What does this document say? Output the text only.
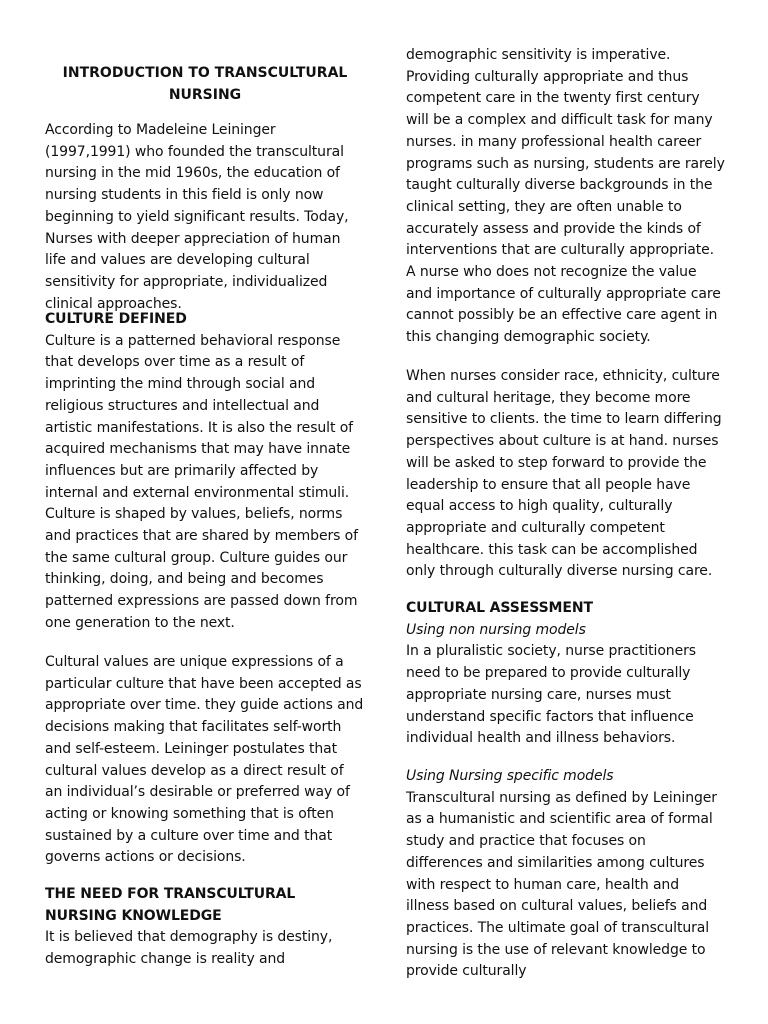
INTRODUCTION TO TRANSCULTURAL NURSING

According to Madeleine Leininger (1997,1991) who founded the transcultural nursing in the mid 1960s, the education of nursing students in this field is only now beginning to yield significant results. Today, Nurses with deeper appreciation of human life and values are developing cultural sensitivity for appropriate, individualized clinical approaches.

CULTURE DEFINED
Culture is a patterned behavioral response that develops over time as a result of imprinting the mind through social and religious structures and intellectual and artistic manifestations. It is also the result of acquired mechanisms that may have innate influences but are primarily affected by internal and external environmental stimuli. Culture is shaped by values, beliefs, norms and practices that are shared by members of the same cultural group. Culture guides our thinking, doing, and being and becomes patterned expressions are passed down from one generation to the next.

Cultural values are unique expressions of a particular culture that have been accepted as appropriate over time. they guide actions and decisions making that facilitates self-worth and self-esteem. Leininger postulates that cultural values develop as a direct result of an individual’s desirable or preferred way of acting or knowing something that is often sustained by a culture over time and that governs actions or decisions.

THE NEED FOR TRANSCULTURAL NURSING KNOWLEDGE
It is believed that demography is destiny, demographic change is reality and

demographic sensitivity is imperative. Providing culturally appropriate and thus competent care in the twenty first century will be a complex and difficult task for many nurses. in many professional health career programs such as nursing, students are rarely taught culturally diverse backgrounds in the clinical setting, they are often unable to accurately assess and provide the kinds of interventions that are culturally appropriate. A nurse who does not recognize the value and importance of culturally appropriate care cannot possibly be an effective care agent in this changing demographic society.

When nurses consider race, ethnicity, culture and cultural heritage, they become more sensitive to clients. the time to learn differing perspectives about culture is at hand. nurses will be asked to step forward to provide the leadership to ensure that all people have equal access to high quality, culturally appropriate and culturally competent healthcare. this task can be accomplished only through culturally diverse nursing care.

CULTURAL ASSESSMENT
Using non nursing models
In a pluralistic society, nurse practitioners need to be prepared to provide culturally appropriate nursing care, nurses must understand specific factors that influence individual health and illness behaviors.
Using Nursing specific models
Transcultural nursing as defined by Leininger as a humanistic and scientific area of formal study and practice that focuses on differences and similarities among cultures with respect to human care, health and illness based on cultural values, beliefs and practices. The ultimate goal of transcultural nursing is the use of relevant knowledge to provide culturally
